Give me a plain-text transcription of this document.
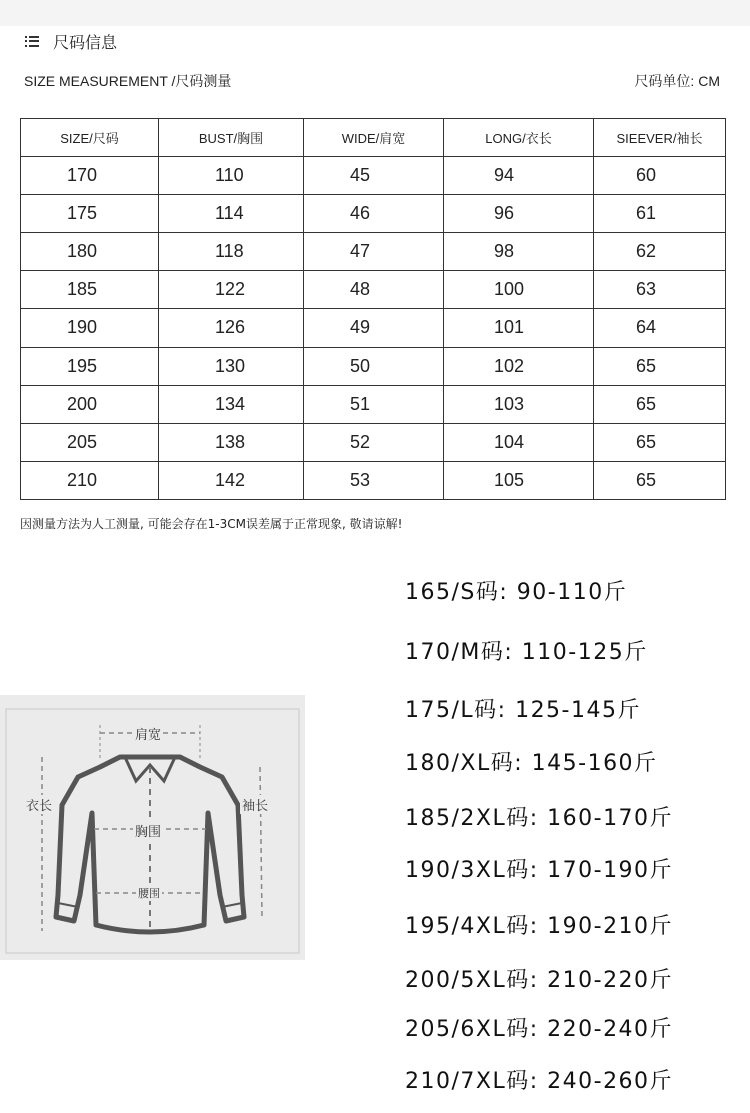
尺码信息
SIZE MEASUREMENT /尺码测量	尺码单位: CM
SIZE/尺码	BUST/胸围	WIDE/肩宽	LONG/衣长	SIEEVER/袖长
170	110	45	94	60
175	114	46	96	61
180	118	47	98	62
185	122	48	100	63
190	126	49	101	64
195	130	50	102	65
200	134	51	103	65
205	138	52	104	65
210	142	53	105	65
因测量方法为人工测量, 可能会存在1-3CM误差属于正常现象, 敬请谅解!
肩宽
衣长	袖长
胸围
腰围
165/S码: 90-110斤
170/M码: 110-125斤
175/L码: 125-145斤
180/XL码: 145-160斤
185/2XL码: 160-170斤
190/3XL码: 170-190斤
195/4XL码: 190-210斤
200/5XL码: 210-220斤
205/6XL码: 220-240斤
210/7XL码: 240-260斤
